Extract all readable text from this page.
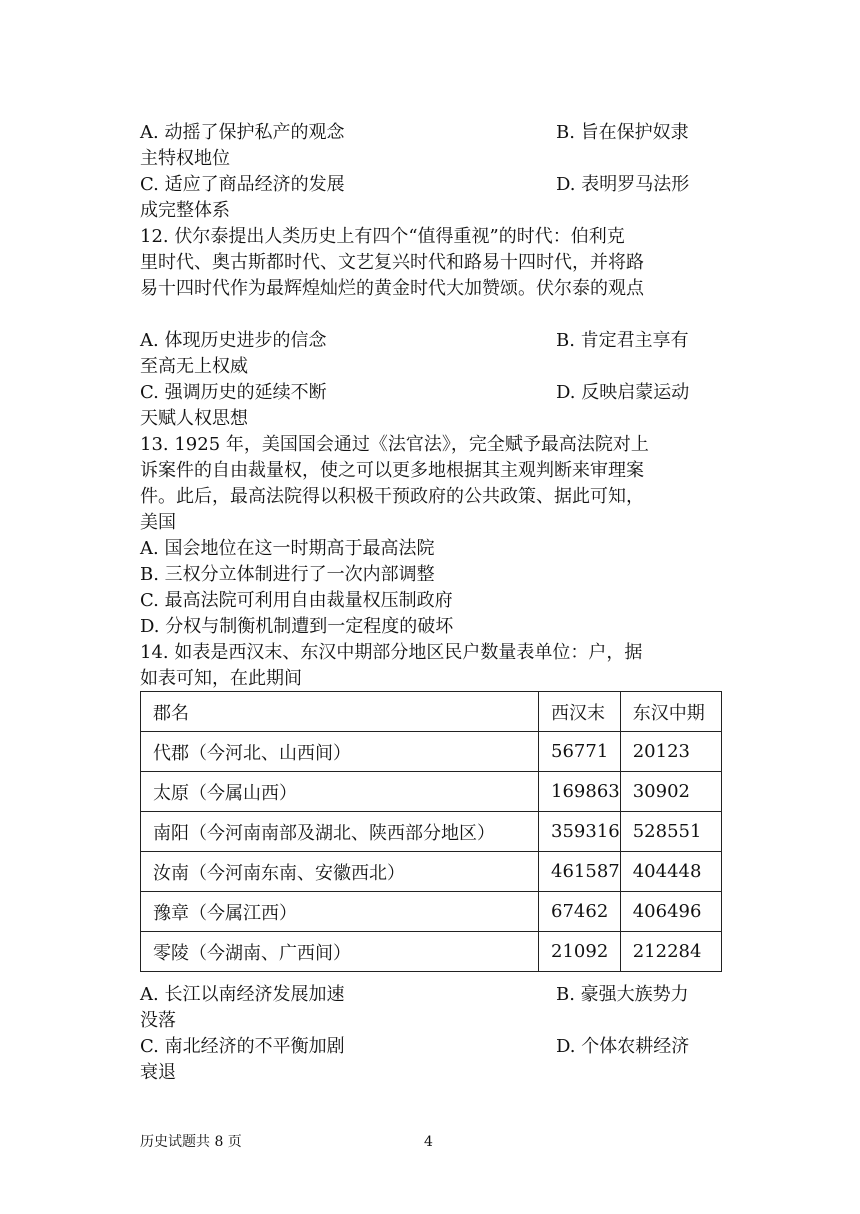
A. 动摇了保护私产的观念	B. 旨在保护奴隶
主特权地位
C. 适应了商品经济的发展	D. 表明罗马法形
成完整体系
12. 伏尔泰提出人类历史上有四个“值得重视”的时代：伯利克
里时代、奥古斯都时代、文艺复兴时代和路易十四时代，并将路
易十四时代作为最辉煌灿烂的黄金时代大加赞颂。伏尔泰的观点
A. 体现历史进步的信念	B. 肯定君主享有
至高无上权威
C. 强调历史的延续不断	D. 反映启蒙运动
天赋人权思想
13. 1925 年，美国国会通过《法官法》，完全赋予最高法院对上
诉案件的自由裁量权，使之可以更多地根据其主观判断来审理案
件。此后，最高法院得以积极干预政府的公共政策、据此可知，
美国
A. 国会地位在这一时期高于最高法院
B. 三权分立体制进行了一次内部调整
C. 最高法院可利用自由裁量权压制政府
D. 分权与制衡机制遭到一定程度的破坏
14. 如表是西汉末、东汉中期部分地区民户数量表单位：户，据
如表可知，在此期间
郡名	西汉末	东汉中期
代郡（今河北、山西间）	56771	20123
太原（今属山西）	169863	30902
南阳（今河南南部及湖北、陕西部分地区）	359316	528551
汝南（今河南东南、安徽西北）	461587	404448
豫章（今属江西）	67462	406496
零陵（今湖南、广西间）	21092	212284
A. 长江以南经济发展加速	B. 豪强大族势力
没落
C. 南北经济的不平衡加剧	D. 个体农耕经济
衰退
历史试题共 8 页	4
